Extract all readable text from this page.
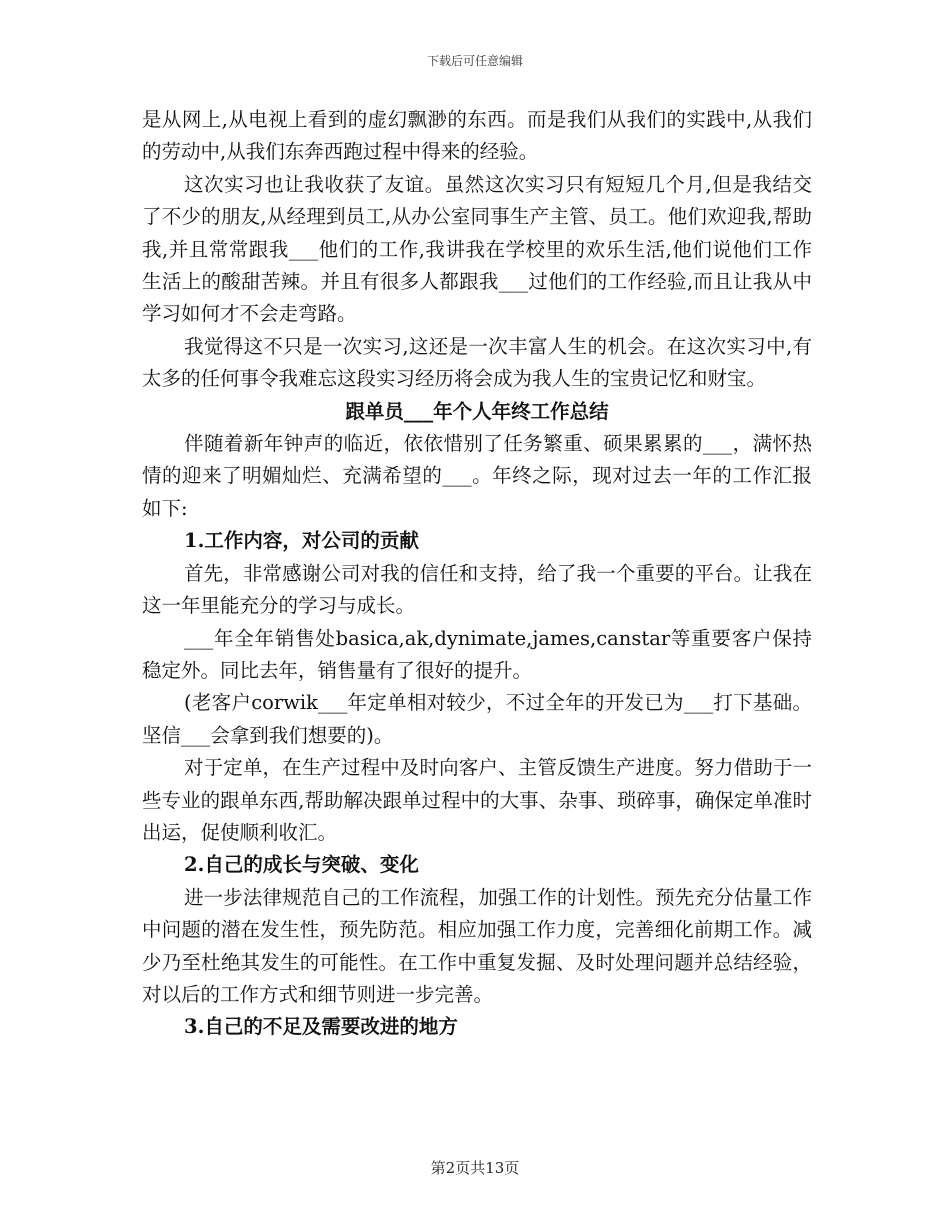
下载后可任意编辑

是从网上,从电视上看到的虚幻飘渺的东西。而是我们从我们的实践中,从我们的劳动中,从我们东奔西跑过程中得来的经验。

这次实习也让我收获了友谊。虽然这次实习只有短短几个月,但是我结交了不少的朋友,从经理到员工,从办公室同事生产主管、员工。他们欢迎我,帮助我,并且常常跟我___他们的工作,我讲我在学校里的欢乐生活,他们说他们工作生活上的酸甜苦辣。并且有很多人都跟我___过他们的工作经验,而且让我从中学习如何才不会走弯路。

我觉得这不只是一次实习,这还是一次丰富人生的机会。在这次实习中,有太多的任何事令我难忘这段实习经历将会成为我人生的宝贵记忆和财宝。

跟单员___年个人年终工作总结

伴随着新年钟声的临近，依依惜别了任务繁重、硕果累累的___，满怀热情的迎来了明媚灿烂、充满希望的___。年终之际，现对过去一年的工作汇报如下:

1.工作内容，对公司的贡献

首先，非常感谢公司对我的信任和支持，给了我一个重要的平台。让我在这一年里能充分的学习与成长。

___年全年销售处basica,ak,dynimate,james,canstar等重要客户保持稳定外。同比去年，销售量有了很好的提升。

(老客户corwik___年定单相对较少，不过全年的开发已为___打下基础。坚信___会拿到我们想要的)。

对于定单，在生产过程中及时向客户、主管反馈生产进度。努力借助于一些专业的跟单东西,帮助解决跟单过程中的大事、杂事、琐碎事，确保定单准时出运，促使顺利收汇。

2.自己的成长与突破、变化

进一步法律规范自己的工作流程，加强工作的计划性。预先充分估量工作中问题的潜在发生性，预先防范。相应加强工作力度，完善细化前期工作。减少乃至杜绝其发生的可能性。在工作中重复发掘、及时处理问题并总结经验，对以后的工作方式和细节则进一步完善。

3.自己的不足及需要改进的地方

第2页共13页
